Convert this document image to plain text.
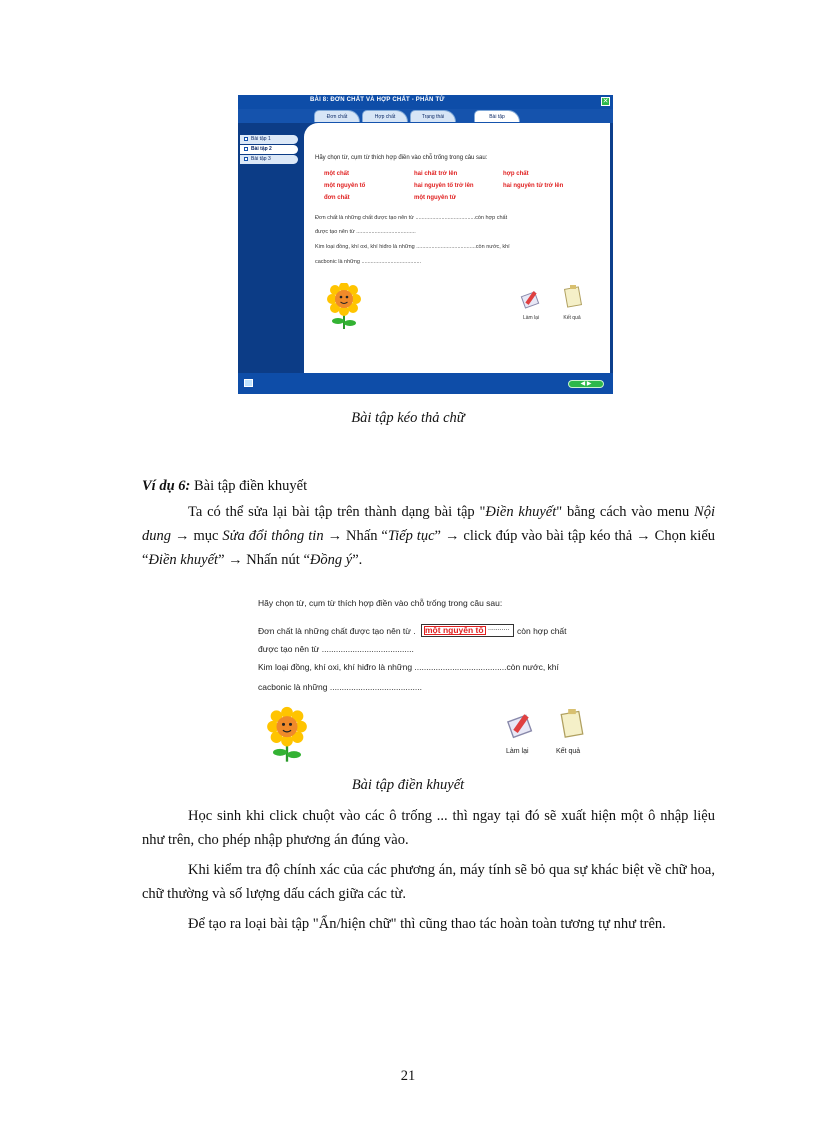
BÀI 8: ĐƠN CHẤT VÀ HỢP CHẤT - PHÂN TỬ	✕
Đơn chất	Hợp chất	Trạng thái	Bài tập
Bài tập 1
Bài tập 2
Bài tập 3	Hãy chọn từ, cụm từ thích hợp điền vào chỗ trống trong câu sau:
một chất	hai chất trở lên	hợp chất
một nguyên tố	hai nguyên tố trở lên	hai nguyên tử trở lên
đơn chất	một nguyên tử
Đơn chất là những chất được tạo nên từ .......................................còn hợp chất
được tạo nên từ .......................................
Kim loại đồng, khí oxi, khí hiđro là những .......................................còn nước, khí
cacbonic là những .......................................
Làm lại	Kết quả
◀ ▶
Bài tập kéo thả chữ
Ví dụ 6: Bài tập điền khuyết

Ta có thể sửa lại bài tập trên thành dạng bài tập "Điền khuyết" bằng cách vào menu Nội dung → mục Sửa đổi thông tin → Nhấn “Tiếp tục” → click đúp vào bài tập kéo thả → Chọn kiểu “Điền khuyết” → Nhấn nút “Đồng ý”.

Hãy chọn từ, cụm từ thích hợp điền vào chỗ trống trong câu sau:
Đơn chất là những chất được tạo nên từ . một nguyên tố ........... còn hợp chất
được tạo nên từ .......................................
Kim loại đồng, khí oxi, khí hiđro là những .......................................còn nước, khí
cacbonic là những .......................................
Làm lại	Kết quả
Bài tập điền khuyết

Học sinh khi click chuột vào các ô trống ... thì ngay tại đó sẽ xuất hiện một ô nhập liệu như trên, cho phép nhập phương án đúng vào.

Khi kiểm tra độ chính xác của các phương án, máy tính sẽ bỏ qua sự khác biệt về chữ hoa, chữ thường và số lượng dấu cách giữa các từ.

Để tạo ra loại bài tập "Ẩn/hiện chữ" thì cũng thao tác hoàn toàn tương tự như trên.

21
